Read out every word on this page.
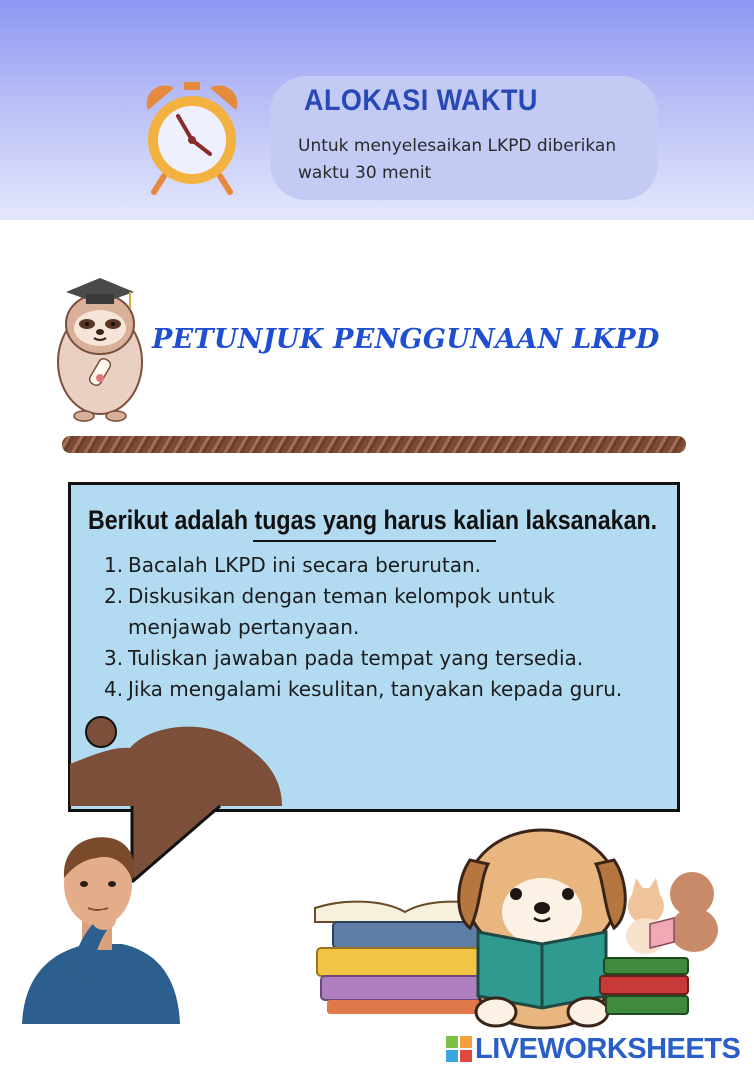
ALOKASI WAKTU
Untuk menyelesaikan LKPD diberikan waktu 30 menit
PETUNJUK PENGGUNAAN LKPD
Berikut adalah tugas yang harus kalian laksanakan.
1. Bacalah LKPD ini secara berurutan.
2. Diskusikan dengan teman kelompok untuk menjawab pertanyaan.
3. Tuliskan jawaban pada tempat yang tersedia.
4. Jika mengalami kesulitan, tanyakan kepada guru.
LIVEWORKSHEETS
